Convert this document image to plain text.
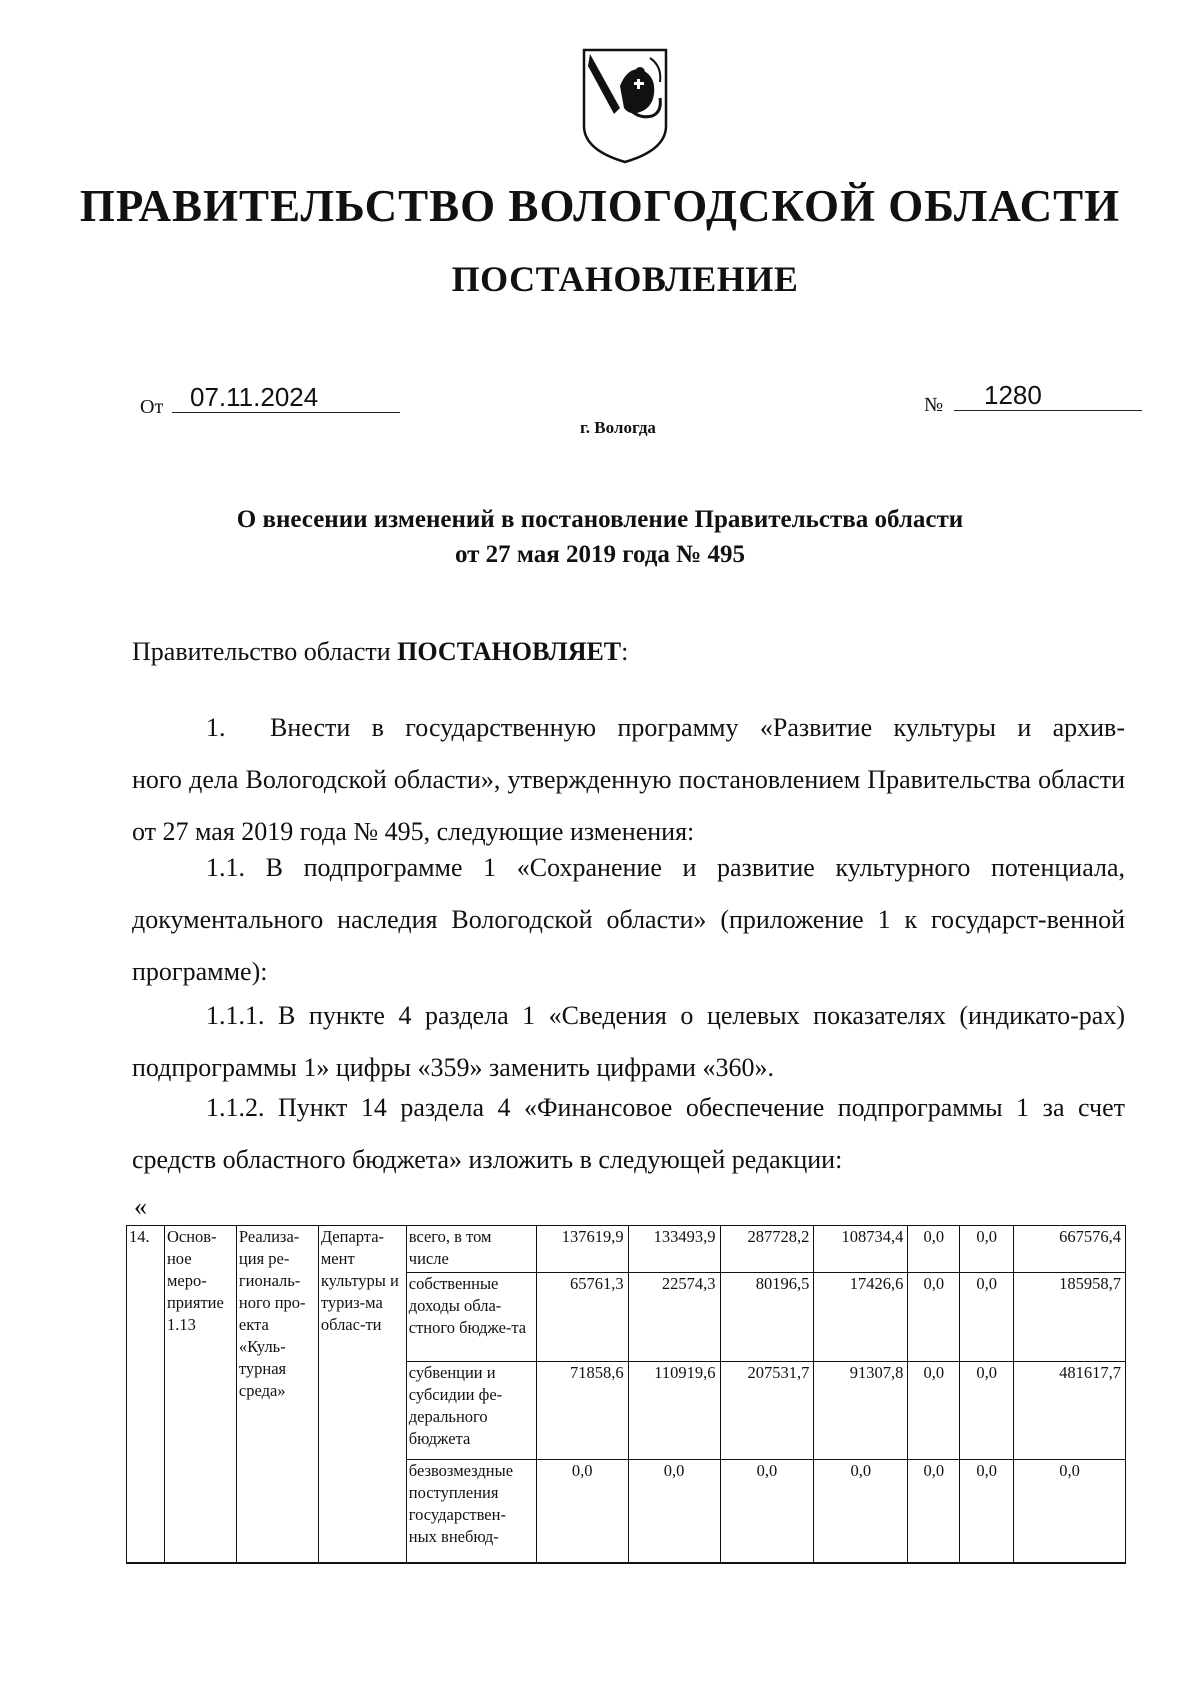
ПРАВИТЕЛЬСТВО ВОЛОГОДСКОЙ ОБЛАСТИ
ПОСТАНОВЛЕНИЕ
От	07.11.2024	№	1280
г. Вологда
О внесении изменений в постановление Правительства области
от 27 мая 2019 года № 495
Правительство области ПОСТАНОВЛЯЕТ:
1. Внести в государственную программу «Развитие культуры и архив-
ного дела Вологодской области», утвержденную постановлением Правительства области от 27 мая 2019 года № 495, следующие изменения:
1.1. В подпрограмме 1 «Сохранение и развитие культурного потенциала, документального наследия Вологодской области» (приложение 1 к государст-венной программе):
1.1.1. В пункте 4 раздела 1 «Сведения о целевых показателях (индикато-рах) подпрограммы 1» цифры «359» заменить цифрами «360».
1.1.2. Пункт 14 раздела 4 «Финансовое обеспечение подпрограммы 1 за счет средств областного бюджета» изложить в следующей редакции:
«
14.	Основ-ное меро-приятие 1.13	Реализа-ция ре-гиональ-ного про-екта «Куль-турная среда»	Департа-мент культуры и туриз-ма облас-ти	всего, в том числе	137619,9	133493,9	287728,2	108734,4	0,0	0,0	667576,4
				собственные доходы обла-стного бюдже-та	65761,3	22574,3	80196,5	17426,6	0,0	0,0	185958,7
				субвенции и субсидии фе-дерального бюджета	71858,6	110919,6	207531,7	91307,8	0,0	0,0	481617,7
				безвозмездные поступления государствен-ных внебюд-	0,0	0,0	0,0	0,0	0,0	0,0	0,0
